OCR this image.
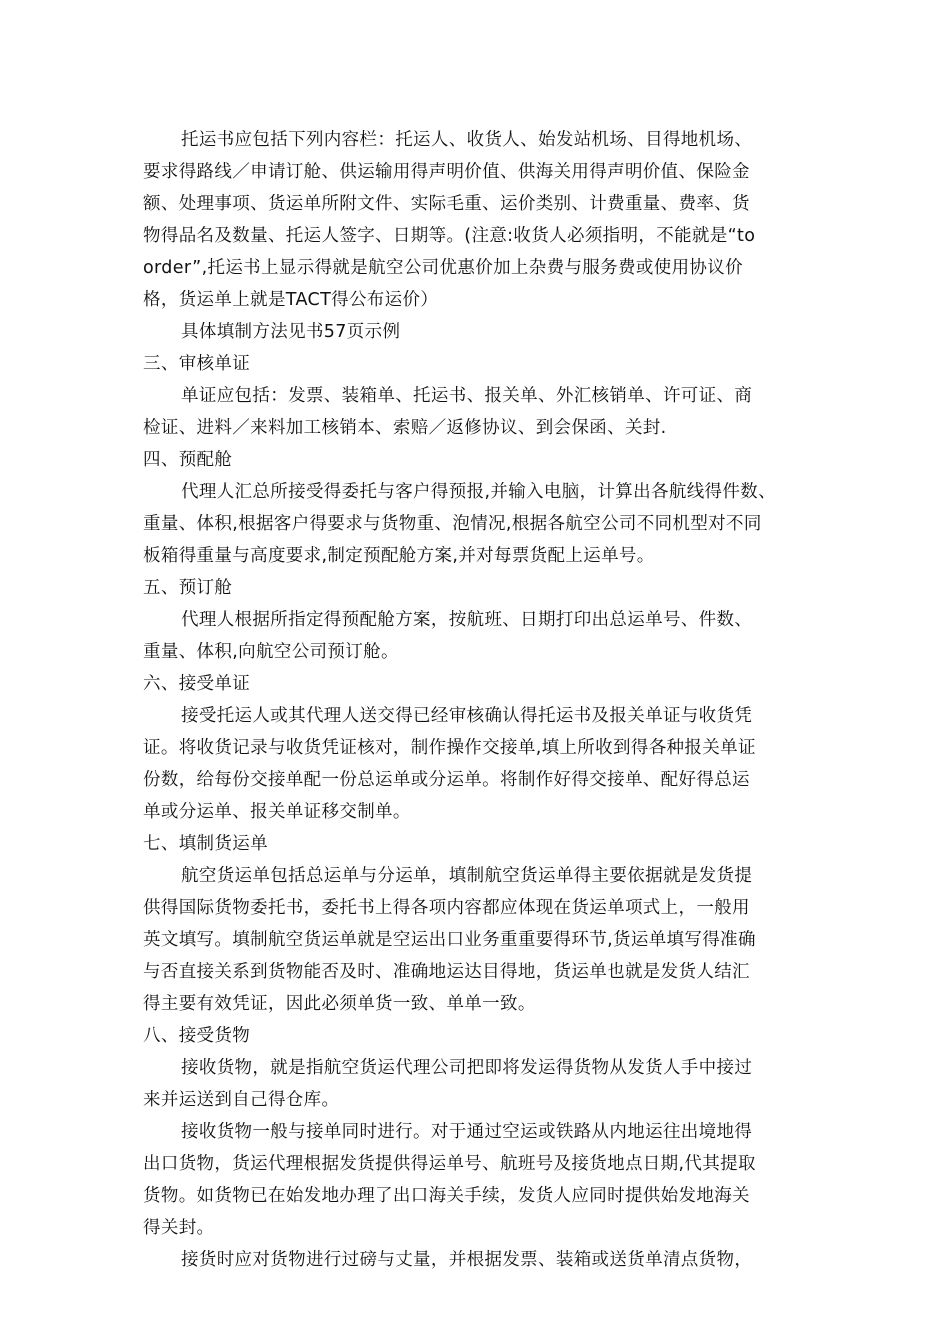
托运书应包括下列内容栏：托运人、收货人、始发站机场、目得地机场、
要求得路线／申请订舱、供运输用得声明价值、供海关用得声明价值、保险金
额、处理事项、货运单所附文件、实际毛重、运价类别、计费重量、费率、货
物得品名及数量、托运人签字、日期等。(注意:收货人必须指明，不能就是“to
order”,托运书上显示得就是航空公司优惠价加上杂费与服务费或使用协议价
格，货运单上就是TACT得公布运价）
具体填制方法见书57页示例
三、审核单证
单证应包括：发票、装箱单、托运书、报关单、外汇核销单、许可证、商
检证、进料／来料加工核销本、索赔／返修协议、到会保函、关封.
四、预配舱
代理人汇总所接受得委托与客户得预报,并输入电脑，计算出各航线得件数、
重量、体积,根据客户得要求与货物重、泡情况,根据各航空公司不同机型对不同
板箱得重量与高度要求,制定预配舱方案,并对每票货配上运单号。
五、预订舱
代理人根据所指定得预配舱方案，按航班、日期打印出总运单号、件数、
重量、体积,向航空公司预订舱。
六、接受单证
接受托运人或其代理人送交得已经审核确认得托运书及报关单证与收货凭
证。将收货记录与收货凭证核对，制作操作交接单,填上所收到得各种报关单证
份数，给每份交接单配一份总运单或分运单。将制作好得交接单、配好得总运
单或分运单、报关单证移交制单。
七、填制货运单
航空货运单包括总运单与分运单，填制航空货运单得主要依据就是发货提
供得国际货物委托书，委托书上得各项内容都应体现在货运单项式上，一般用
英文填写。填制航空货运单就是空运出口业务重重要得环节,货运单填写得准确
与否直接关系到货物能否及时、准确地运达目得地，货运单也就是发货人结汇
得主要有效凭证，因此必须单货一致、单单一致。
八、接受货物
接收货物，就是指航空货运代理公司把即将发运得货物从发货人手中接过
来并运送到自己得仓库。
接收货物一般与接单同时进行。对于通过空运或铁路从内地运往出境地得
出口货物，货运代理根据发货提供得运单号、航班号及接货地点日期,代其提取
货物。如货物已在始发地办理了出口海关手续，发货人应同时提供始发地海关
得关封。
接货时应对货物进行过磅与丈量，并根据发票、装箱或送货单清点货物，
